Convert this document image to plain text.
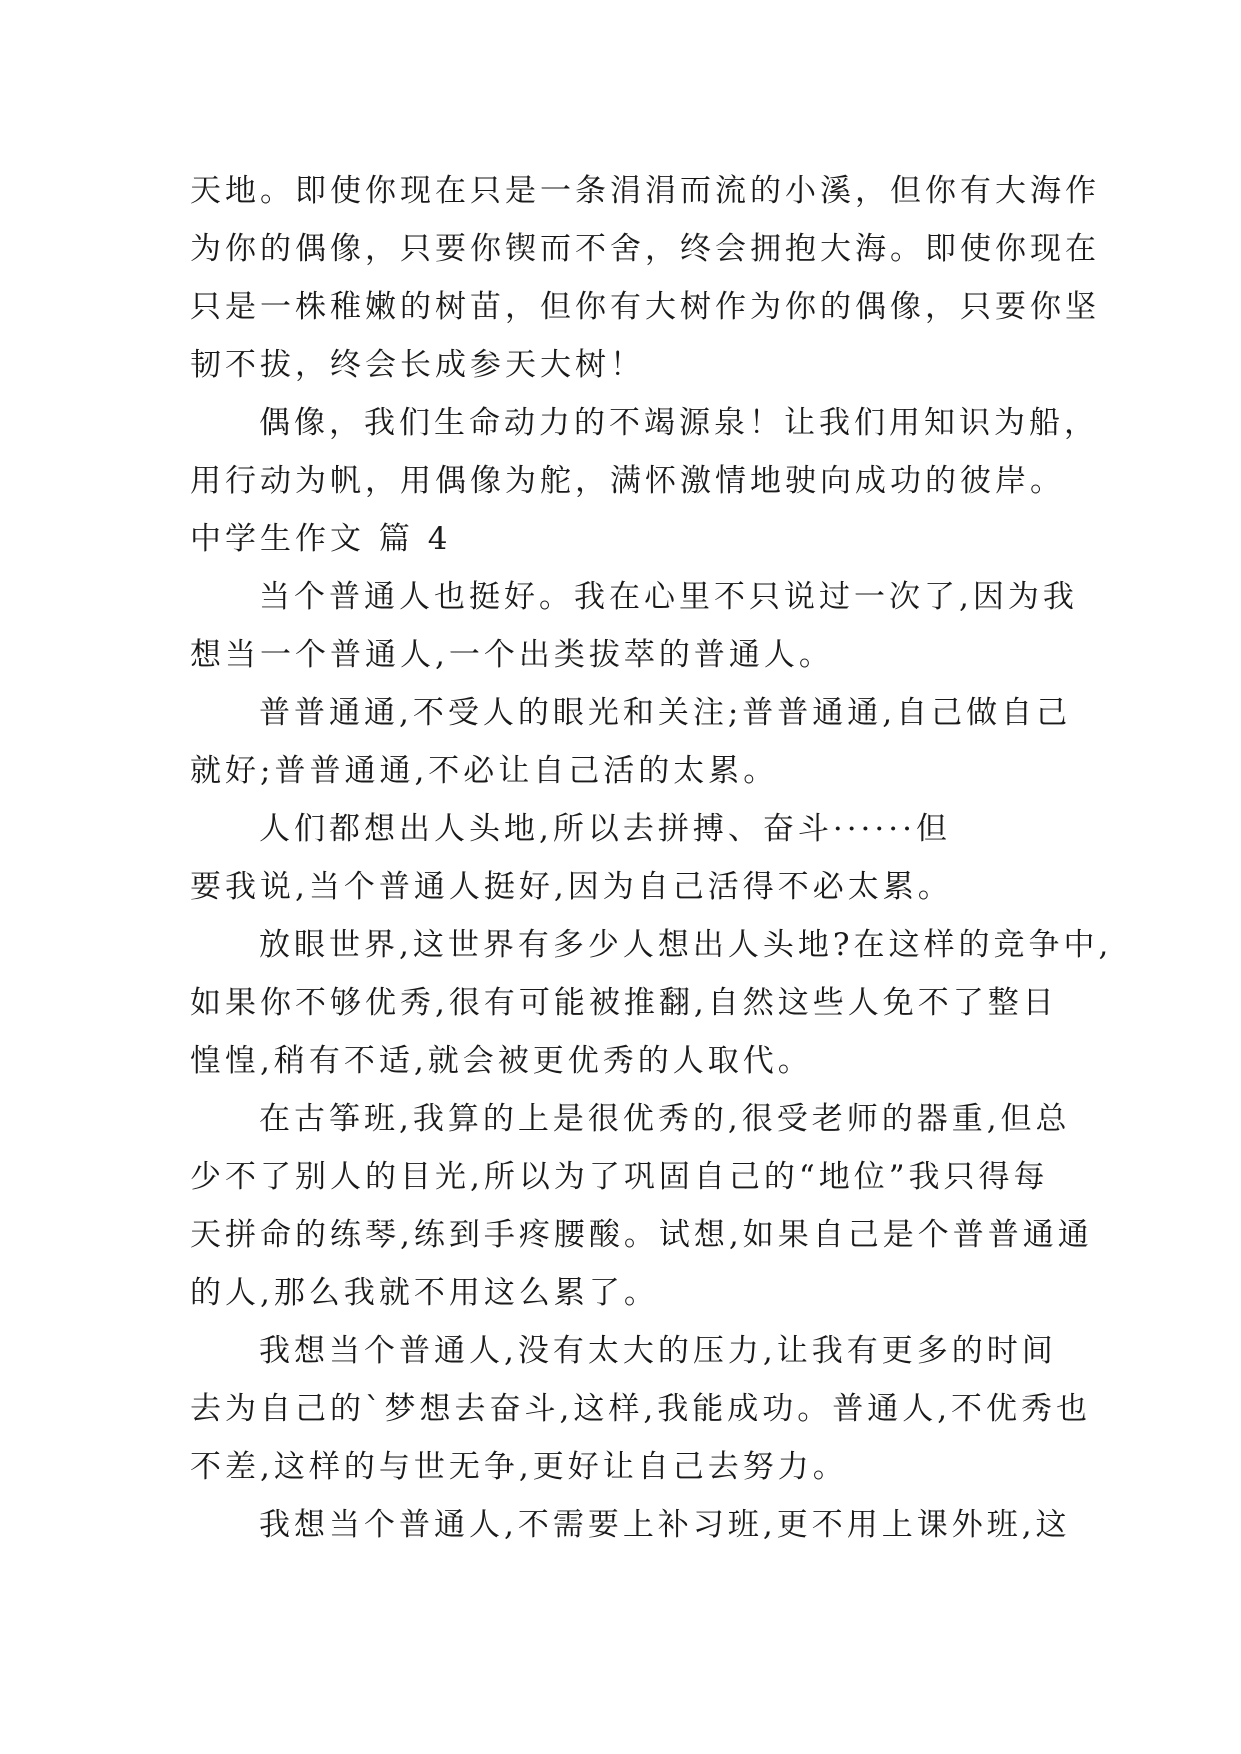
天地。即使你现在只是一条涓涓而流的小溪，但你有大海作
为你的偶像，只要你锲而不舍，终会拥抱大海。即使你现在
只是一株稚嫩的树苗，但你有大树作为你的偶像，只要你坚
韧不拔，终会长成参天大树！
偶像，我们生命动力的不竭源泉！让我们用知识为船，
用行动为帆，用偶像为舵，满怀激情地驶向成功的彼岸。
中学生作文 篇 4
当个普通人也挺好。我在心里不只说过一次了,因为我
想当一个普通人,一个出类拔萃的普通人。
普普通通,不受人的眼光和关注;普普通通,自己做自己
就好;普普通通,不必让自己活的太累。
人们都想出人头地,所以去拼搏、奋斗······但
要我说,当个普通人挺好,因为自己活得不必太累。
放眼世界,这世界有多少人想出人头地?在这样的竞争中,
如果你不够优秀,很有可能被推翻,自然这些人免不了整日
惶惶,稍有不适,就会被更优秀的人取代。
在古筝班,我算的上是很优秀的,很受老师的器重,但总
少不了别人的目光,所以为了巩固自己的“地位”我只得每
天拼命的练琴,练到手疼腰酸。试想,如果自己是个普普通通
的人,那么我就不用这么累了。
我想当个普通人,没有太大的压力,让我有更多的时间
去为自己的`梦想去奋斗,这样,我能成功。普通人,不优秀也
不差,这样的与世无争,更好让自己去努力。
我想当个普通人,不需要上补习班,更不用上课外班,这
